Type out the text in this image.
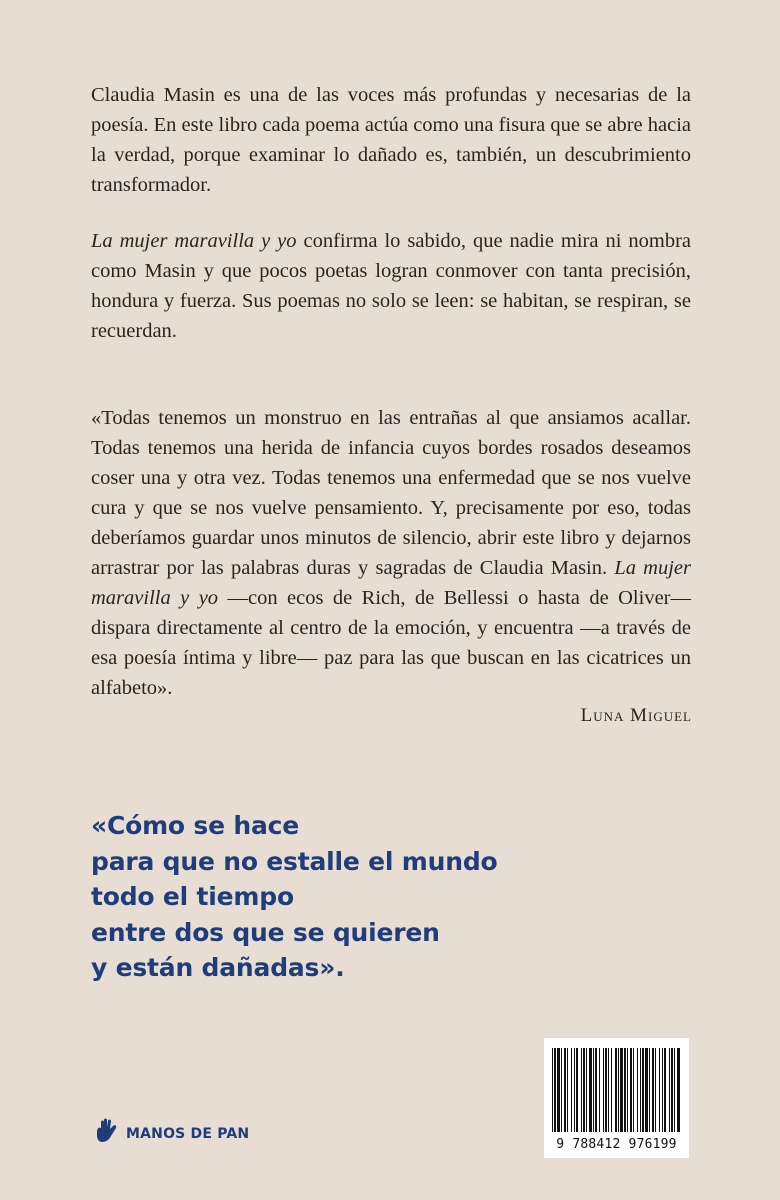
Claudia Masin es una de las voces más profundas y necesarias de la poesía. En este libro cada poema actúa como una fisura que se abre hacia la verdad, porque examinar lo dañado es, también, un descubrimiento transformador.

La mujer maravilla y yo confirma lo sabido, que nadie mira ni nombra como Masin y que pocos poetas logran conmover con tanta precisión, hondura y fuerza. Sus poemas no solo se leen: se habitan, se respiran, se recuerdan.

«Todas tenemos un monstruo en las entrañas al que ansiamos acallar. Todas tenemos una herida de infancia cuyos bordes rosados deseamos coser una y otra vez. Todas tenemos una enfermedad que se nos vuelve cura y que se nos vuelve pensamiento. Y, precisamente por eso, todas deberíamos guardar unos minutos de silencio, abrir este libro y dejarnos arrastrar por las palabras duras y sagradas de Claudia Masin. La mujer maravilla y yo —con ecos de Rich, de Bellessi o hasta de Oliver— dispara directamente al centro de la emoción, y encuentra —a través de esa poesía íntima y libre— paz para las que buscan en las cicatrices un alfabeto».

Luna Miguel
«Cómo se hace
para que no estalle el mundo
todo el tiempo
entre dos que se quieren
y están dañadas».
MANOS DE PAN
9 788412 976199
